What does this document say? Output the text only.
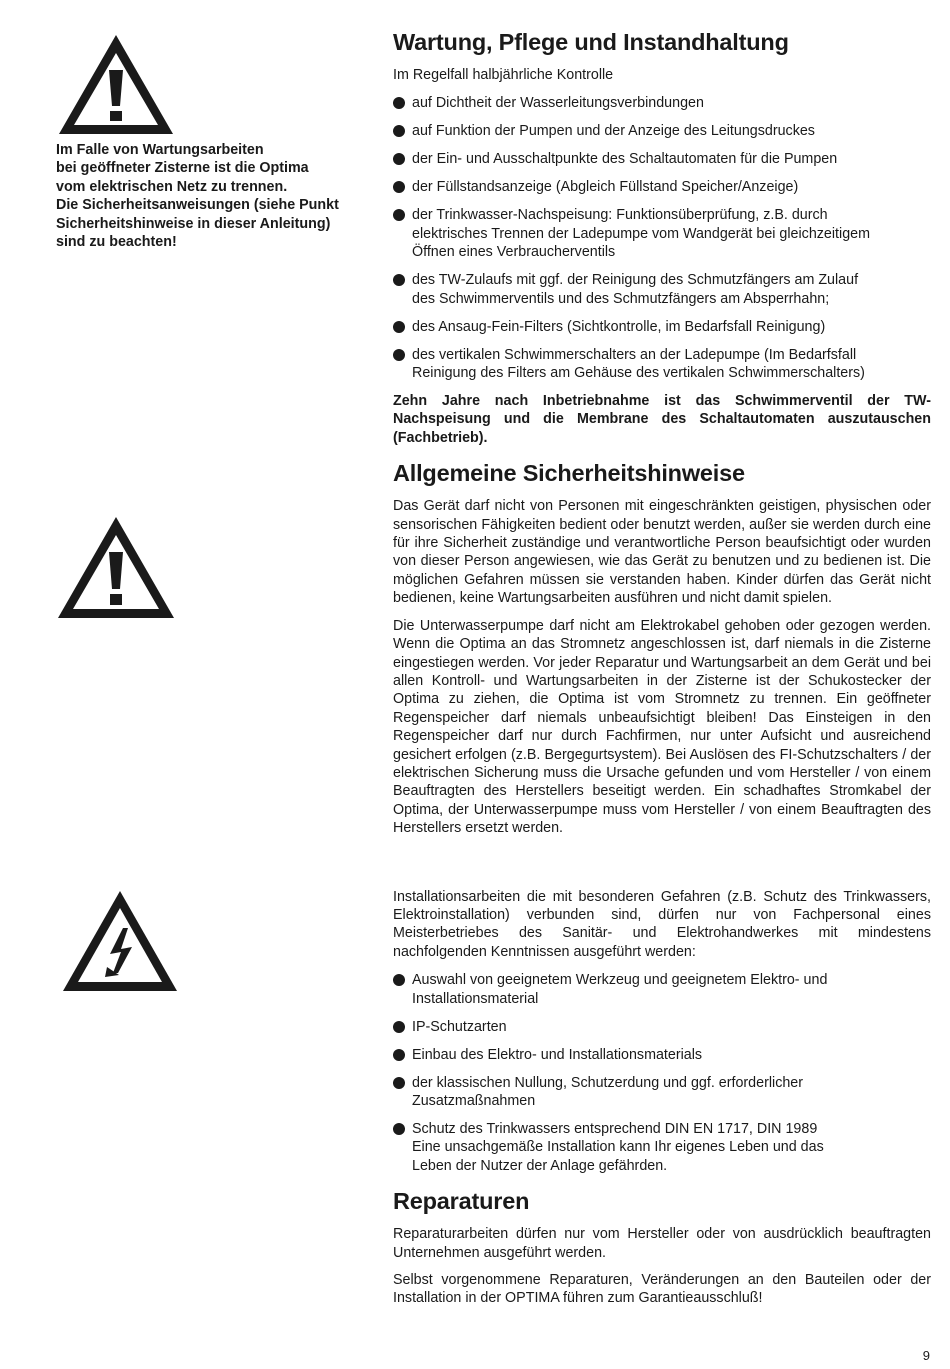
Im Falle von Wartungsarbeiten
bei geöffneter Zisterne ist die Optima
vom elektrischen Netz zu trennen.
Die Sicherheitsanweisungen (siehe Punkt
Sicherheitshinweise in dieser Anleitung)
sind zu beachten!

Wartung, Pflege und Instandhaltung

Im Regelfall halbjährliche Kontrolle

auf Dichtheit der Wasserleitungsverbindungen
auf Funktion der Pumpen und der Anzeige des Leitungsdruckes
der Ein- und Ausschaltpunkte des Schaltautomaten für die Pumpen
der Füllstandsanzeige (Abgleich Füllstand Speicher/Anzeige)
der Trinkwasser-Nachspeisung: Funktionsüberprüfung, z.B. durch
elektrisches Trennen der Ladepumpe vom Wandgerät bei gleichzeitigem
Öffnen eines Verbraucherventils
des TW-Zulaufs mit ggf. der Reinigung des Schmutzfängers am Zulauf
des Schwimmerventils und des Schmutzfängers am Absperrhahn;
des Ansaug-Fein-Filters (Sichtkontrolle, im Bedarfsfall Reinigung)
des vertikalen Schwimmerschalters an der Ladepumpe (Im Bedarfsfall
Reinigung des Filters am Gehäuse des vertikalen Schwimmerschalters)

Zehn Jahre nach Inbetriebnahme ist das Schwimmerventil der TW-Nachspeisung und die Membrane des Schaltautomaten auszutauschen (Fachbetrieb).

Allgemeine Sicherheitshinweise

Das Gerät darf nicht von Personen mit eingeschränkten geistigen, physischen oder sensorischen Fähigkeiten bedient oder benutzt werden, außer sie werden durch eine für ihre Sicherheit zuständige und verantwortliche Person beaufsichtigt oder wurden von dieser Person angewiesen, wie das Gerät zu benutzen und zu bedienen ist. Die möglichen Gefahren müssen sie verstanden haben. Kinder dürfen das Gerät nicht bedienen, keine Wartungsarbeiten ausführen und nicht damit spielen.

Die Unterwasserpumpe darf nicht am Elektrokabel gehoben oder gezogen werden. Wenn die Optima an das Stromnetz angeschlossen ist, darf niemals in die Zisterne eingestiegen werden. Vor jeder Reparatur und Wartungsarbeit an dem Gerät und bei allen Kontroll- und Wartungsarbeiten in der Zisterne ist der Schukostecker der Optima zu ziehen, die Optima ist vom Stromnetz zu trennen. Ein geöffneter Regenspeicher darf niemals unbeaufsichtigt bleiben! Das Einsteigen in den Regenspeicher darf nur durch Fachfirmen, nur unter Aufsicht und ausreichend gesichert erfolgen (z.B. Bergegurtsystem). Bei Auslösen des FI-Schutzschalters / der elektrischen Sicherung muss die Ursache gefunden und vom Hersteller / von einem Beauftragten des Herstellers beseitigt werden. Ein schadhaftes Stromkabel der Optima, der Unterwasserpumpe muss vom Hersteller / von einem Beauftragten des Herstellers ersetzt werden.

Installationsarbeiten die mit besonderen Gefahren (z.B. Schutz des Trinkwassers, Elektroinstallation) verbunden sind, dürfen nur von Fachpersonal eines Meisterbetriebes des Sanitär- und Elektrohandwerkes mit mindestens nachfolgenden Kenntnissen ausgeführt werden:

Auswahl von geeignetem Werkzeug und geeignetem Elektro- und
Installationsmaterial
IP-Schutzarten
Einbau des Elektro- und Installationsmaterials
der klassischen Nullung, Schutzerdung und ggf. erforderlicher
Zusatzmaßnahmen
Schutz des Trinkwassers entsprechend DIN EN 1717, DIN 1989
Eine unsachgemäße Installation kann Ihr eigenes Leben und das
Leben der Nutzer der Anlage gefährden.
Reparaturen

Reparaturarbeiten dürfen nur vom Hersteller oder von ausdrücklich beauftragten Unternehmen ausgeführt werden.

Selbst vorgenommene Reparaturen, Veränderungen an den Bauteilen oder der Installation in der OPTIMA führen zum Garantieausschluß!

9
